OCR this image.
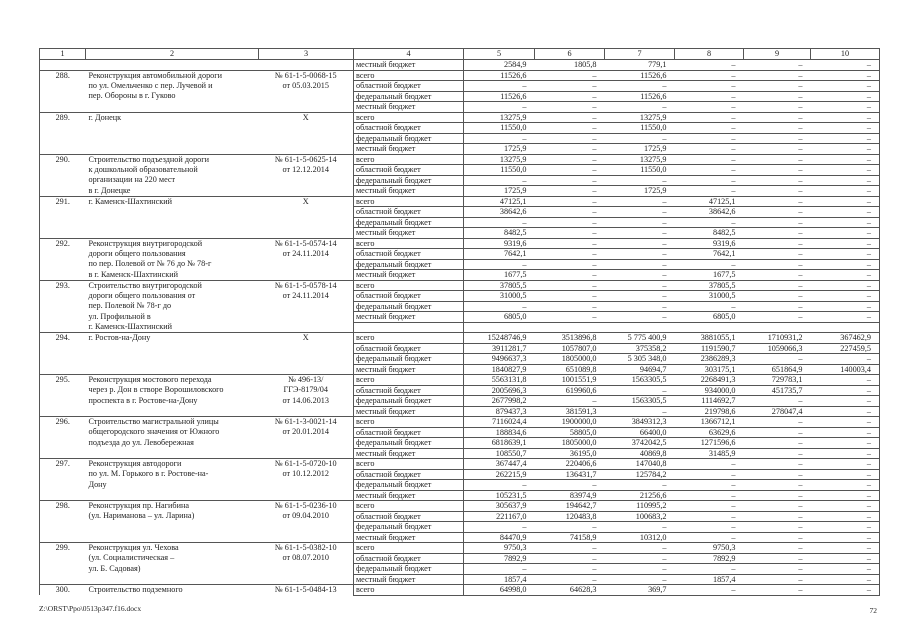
1	2	3	4	5	6	7	8	9	10
			местный бюджет	2584,9	1805,8	779,1	–	–	–
288.	Реконструкция автомобильной дороги	№ 61-1-5-0068-15	всего	11526,6	–	11526,6	–	–	–
	по ул. Омельченко с пер. Лучевой и	от 05.03.2015	областной бюджет	–	–	–	–	–	–
	пер. Обороны в г. Гуково		федеральный бюджет	11526,6	–	11526,6	–	–	–
			местный бюджет	–	–	–	–	–	–
289.	г. Донецк	Х	всего	13275,9	–	13275,9	–	–	–
			областной бюджет	11550,0	–	11550,0	–	–	–
			федеральный бюджет	–	–	–	–	–	–
			местный бюджет	1725,9	–	1725,9	–	–	–
290.	Строительство подъездной дороги	№ 61-1-5-0625-14	всего	13275,9	–	13275,9	–	–	–
	к дошкольной образовательной	от 12.12.2014	областной бюджет	11550,0	–	11550,0	–	–	–
	организации на 220 мест		федеральный бюджет	–	–	–	–	–	–
	в г. Донецке		местный бюджет	1725,9	–	1725,9	–	–	–
291.	г. Каменск-Шахтинский	Х	всего	47125,1	–	–	47125,1	–	–
			областной бюджет	38642,6	–	–	38642,6	–	–
			федеральный бюджет	–	–	–	–	–	–
			местный бюджет	8482,5	–	–	8482,5	–	–
292.	Реконструкция внутригородской	№ 61-1-5-0574-14	всего	9319,6	–	–	9319,6	–	–
	дороги общего пользования	от 24.11.2014	областной бюджет	7642,1	–	–	7642,1	–	–
	по пер. Полевой от № 76 до № 78-г		федеральный бюджет	–	–	–	–	–	–
	в г. Каменск-Шахтинский		местный бюджет	1677,5	–	–	1677,5	–	–
293.	Строительство внутригородской	№ 61-1-5-0578-14	всего	37805,5	–	–	37805,5	–	–
	дороги общего пользования от	от 24.11.2014	областной бюджет	31000,5	–	–	31000,5	–	–
	пер. Полевой № 78-г до		федеральный бюджет	–	–	–	–	–	–
	ул. Профильной в		местный бюджет	6805,0	–	–	6805,0	–	–
	г. Каменск-Шахтинский								
294.	г. Ростов-на-Дону	Х	всего	15248746,9	3513896,8	5 775 400,9	3881055,1	1710931,2	367462,9
			областной бюджет	3911281,7	1057807,0	375358,2	1191590,7	1059066,3	227459,5
			федеральный бюджет	9496637,3	1805000,0	5 305 348,0	2386289,3	–	–
			местный бюджет	1840827,9	651089,8	94694,7	303175,1	651864,9	140003,4
295.	Реконструкция мостового перехода	№ 496-13/	всего	5563131,8	1001551,9	1563305,5	2268491,3	729783,1	–
	через р. Дон в створе Ворошиловского	ГГЭ-8179/04	областной бюджет	2005696,3	619960,6	–	934000,0	451735,7	–
	проспекта в г. Ростове-на-Дону	от 14.06.2013	федеральный бюджет	2677998,2	–	1563305,5	1114692,7	–	–
			местный бюджет	879437,3	381591,3	–	219798,6	278047,4	–
296.	Строительство магистральной улицы	№ 61-1-3-0021-14	всего	7116024,4	1900000,0	3849312,3	1366712,1	–	–
	общегородского значения от Южного	от 20.01.2014	областной бюджет	188834,6	58805,0	66400,0	63629,6	–	–
	подъезда до ул. Левобережная		федеральный бюджет	6818639,1	1805000,0	3742042,5	1271596,6	–	–
			местный бюджет	108550,7	36195,0	40869,8	31485,9	–	–
297.	Реконструкция автодороги	№ 61-1-5-0720-10	всего	367447,4	220406,6	147040,8	–	–	–
	по ул. М. Горького в г. Ростове-на-	от 10.12.2012	областной бюджет	262215,9	136431,7	125784,2	–	–	–
	Дону		федеральный бюджет	–	–	–	–	–	–
			местный бюджет	105231,5	83974,9	21256,6	–	–	–
298.	Реконструкция пр. Нагибина	№ 61-1-5-0236-10	всего	305637,9	194642,7	110995,2	–	–	–
	(ул. Нариманова – ул. Ларина)	от 09.04.2010	областной бюджет	221167,0	120483,8	100683,2	–	–	–
			федеральный бюджет	–	–	–	–	–	–
			местный бюджет	84470,9	74158,9	10312,0	–	–	–
299.	Реконструкция ул. Чехова	№ 61-1-5-0382-10	всего	9750,3	–	–	9750,3	–	–
	(ул. Социалистическая –	от 08.07.2010	областной бюджет	7892,9	–	–	7892,9	–	–
	ул. Б. Садовая)		федеральный бюджет	–	–	–	–	–	–
			местный бюджет	1857,4	–	–	1857,4	–	–
300.	Строительство подземного	№ 61-1-5-0484-13	всего	64998,0	64628,3	369,7	–	–	–
Z:\ORST\Ppo\0513p347.f16.docx	72
